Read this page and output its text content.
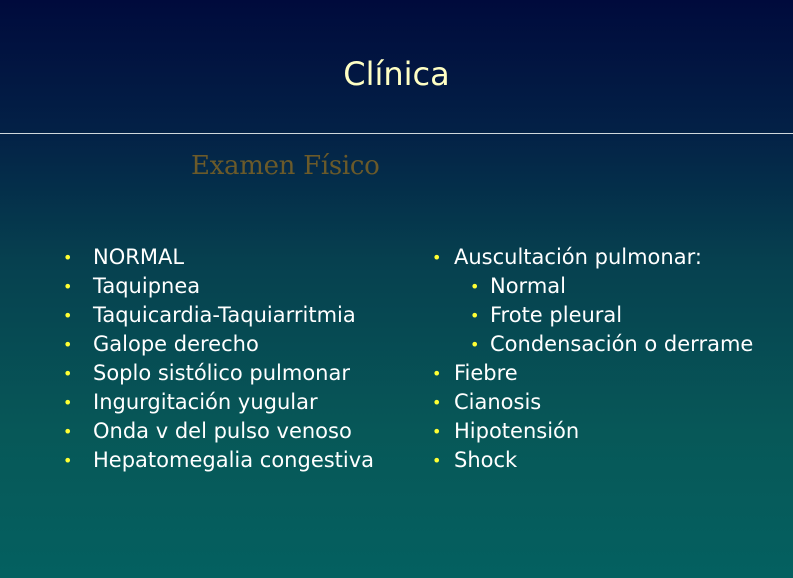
Clínica
Examen Físico
• NORMAL
• Taquipnea
• Taquicardia-Taquiarritmia
• Galope derecho
• Soplo sistólico pulmonar
• Ingurgitación yugular
• Onda v del pulso venoso
• Hepatomegalia congestiva
• Auscultación pulmonar:
• Normal
• Frote pleural
• Condensación o derrame
• Fiebre
• Cianosis
• Hipotensión
• Shock
